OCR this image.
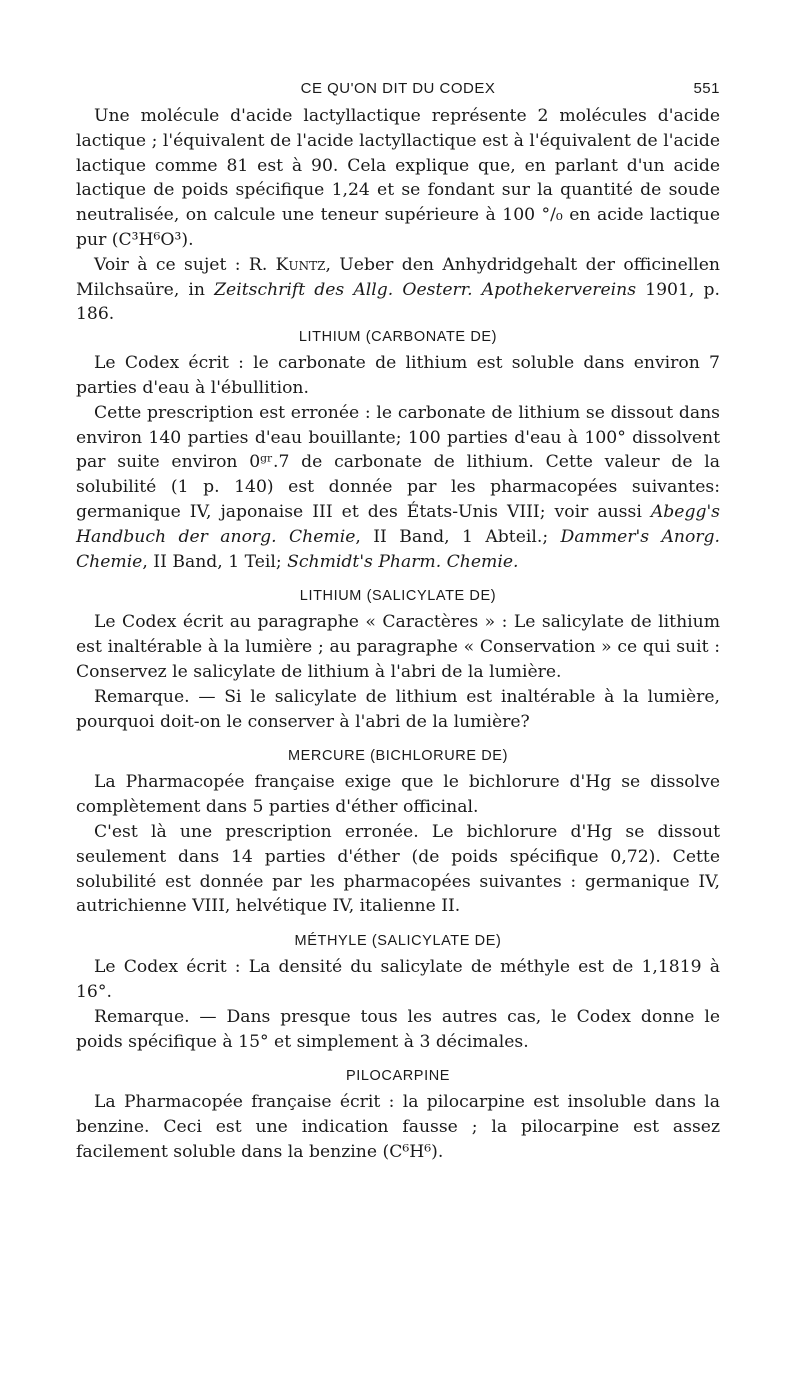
CE QU'ON DIT DU CODEX	551

Une molécule d'acide lactyllactique représente 2 molécules d'acide lactique ; l'équivalent de l'acide lactyllactique est à l'équivalent de l'acide lactique comme 81 est à 90. Cela explique que, en parlant d'un acide lactique de poids spécifique 1,24 et se fondant sur la quantité de soude neutralisée, on calcule une teneur supérieure à 100 °/₀ en acide lactique pur (C³H⁶O³).

Voir à ce sujet : R. Kuntz, Ueber den Anhydridgehalt der officinellen Milchsaüre, in Zeitschrift des Allg. Oesterr. Apothekervereins 1901, p. 186.

LITHIUM (CARBONATE DE)

Le Codex écrit : le carbonate de lithium est soluble dans environ 7 parties d'eau à l'ébullition.

Cette prescription est erronée : le carbonate de lithium se dissout dans environ 140 parties d'eau bouillante; 100 parties d'eau à 100° dissolvent par suite environ 0ᵍʳ.7 de carbonate de lithium. Cette valeur de la solubilité (1 p. 140) est donnée par les pharmacopées suivantes: germanique IV, japonaise III et des États-Unis VIII; voir aussi Abegg's Handbuch der anorg. Chemie, II Band, 1 Abteil.; Dammer's Anorg. Chemie, II Band, 1 Teil; Schmidt's Pharm. Chemie.

LITHIUM (SALICYLATE DE)

Le Codex écrit au paragraphe « Caractères » : Le salicylate de lithium est inaltérable à la lumière ; au paragraphe « Conservation » ce qui suit : Conservez le salicylate de lithium à l'abri de la lumière.

Remarque. — Si le salicylate de lithium est inaltérable à la lumière, pourquoi doit-on le conserver à l'abri de la lumière?

MERCURE (BICHLORURE DE)

La Pharmacopée française exige que le bichlorure d'Hg se dissolve complètement dans 5 parties d'éther officinal.

C'est là une prescription erronée. Le bichlorure d'Hg se dissout seulement dans 14 parties d'éther (de poids spécifique 0,72). Cette solubilité est donnée par les pharmacopées suivantes : germanique IV, autrichienne VIII, helvétique IV, italienne II.

MÉTHYLE (SALICYLATE DE)

Le Codex écrit : La densité du salicylate de méthyle est de 1,1819 à 16°.

Remarque. — Dans presque tous les autres cas, le Codex donne le poids spécifique à 15° et simplement à 3 décimales.

PILOCARPINE

La Pharmacopée française écrit : la pilocarpine est insoluble dans la benzine. Ceci est une indication fausse ; la pilocarpine est assez facilement soluble dans la benzine (C⁶H⁶).
